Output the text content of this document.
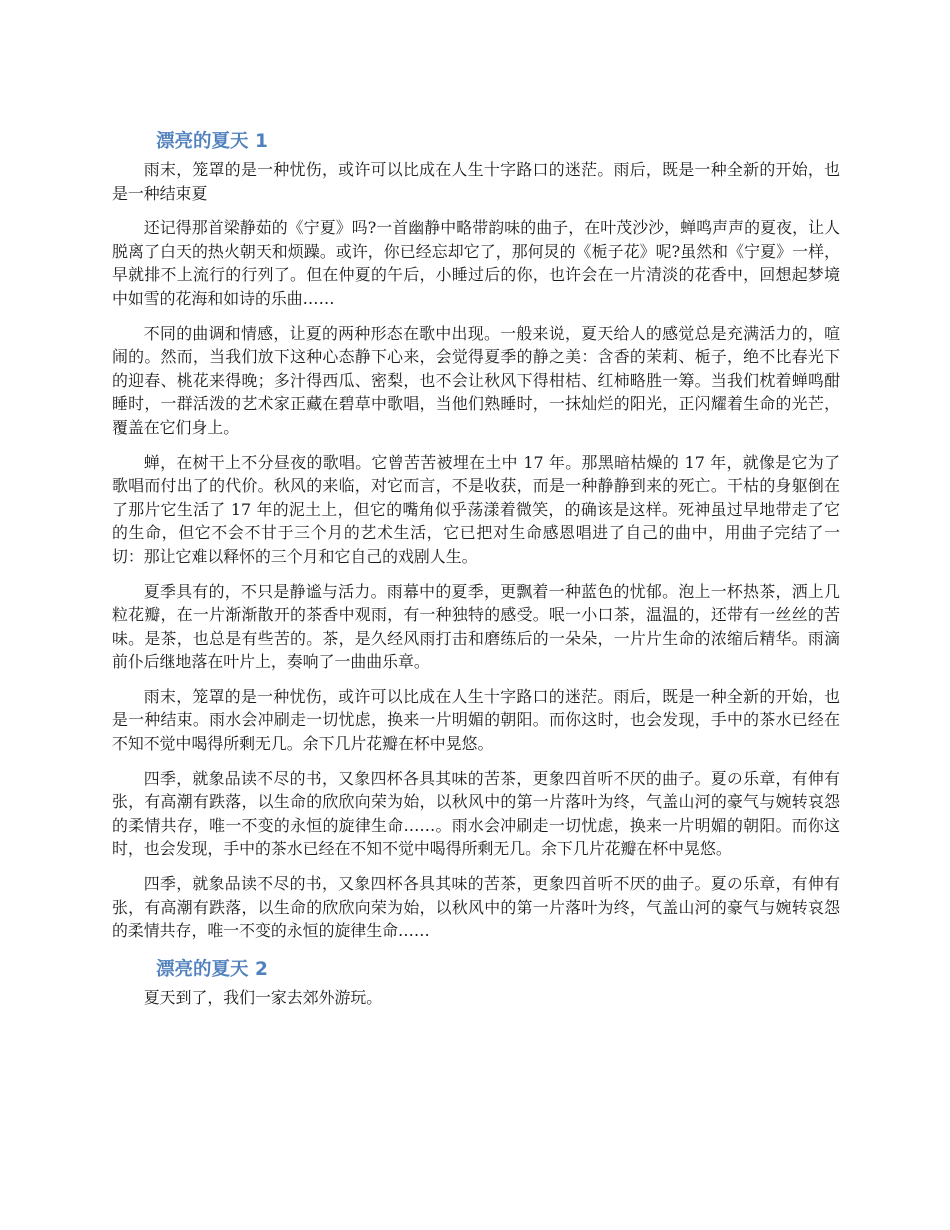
漂亮的夏天 1

雨末，笼罩的是一种忧伤，或许可以比成在人生十字路口的迷茫。雨后，既是一种全新的开始，也是一种结束夏

还记得那首梁静茹的《宁夏》吗?一首幽静中略带韵味的曲子，在叶茂沙沙，蝉鸣声声的夏夜，让人脱离了白天的热火朝天和烦躁。或许，你已经忘却它了，那何炅的《栀子花》呢?虽然和《宁夏》一样，早就排不上流行的行列了。但在仲夏的午后，小睡过后的你，也许会在一片清淡的花香中，回想起梦境中如雪的花海和如诗的乐曲……

不同的曲调和情感，让夏的两种形态在歌中出现。一般来说，夏天给人的感觉总是充满活力的，喧闹的。然而，当我们放下这种心态静下心来，会觉得夏季的静之美：含香的茉莉、栀子，绝不比春光下的迎春、桃花来得晚；多汁得西瓜、密梨，也不会让秋风下得柑桔、红柿略胜一筹。当我们枕着蝉鸣酣睡时，一群活泼的艺术家正藏在碧草中歌唱，当他们熟睡时，一抹灿烂的阳光，正闪耀着生命的光芒，覆盖在它们身上。

蝉，在树干上不分昼夜的歌唱。它曾苦苦被埋在土中 17 年。那黑暗枯燥的 17 年，就像是它为了歌唱而付出了的代价。秋风的来临，对它而言，不是收获，而是一种静静到来的死亡。干枯的身躯倒在了那片它生活了 17 年的泥土上，但它的嘴角似乎荡漾着微笑，的确该是这样。死神虽过早地带走了它的生命，但它不会不甘于三个月的艺术生活，它已把对生命感恩唱进了自己的曲中，用曲子完结了一切：那让它难以释怀的三个月和它自己的戏剧人生。

夏季具有的，不只是静谧与活力。雨幕中的夏季，更飘着一种蓝色的忧郁。泡上一杯热茶，洒上几粒花瓣，在一片渐渐散开的茶香中观雨，有一种独特的感受。呡一小口茶，温温的，还带有一丝丝的苦味。是茶，也总是有些苦的。茶，是久经风雨打击和磨练后的一朵朵，一片片生命的浓缩后精华。雨滴前仆后继地落在叶片上，奏响了一曲曲乐章。

雨末，笼罩的是一种忧伤，或许可以比成在人生十字路口的迷茫。雨后，既是一种全新的开始，也是一种结束。雨水会冲刷走一切忧虑，换来一片明媚的朝阳。而你这时，也会发现，手中的茶水已经在不知不觉中喝得所剩无几。余下几片花瓣在杯中晃悠。

四季，就象品读不尽的书，又象四杯各具其味的苦茶，更象四首听不厌的曲子。夏の乐章，有伸有张，有高潮有跌落，以生命的欣欣向荣为始，以秋风中的第一片落叶为终，气盖山河的豪气与婉转哀怨的柔情共存，唯一不变的永恒的旋律生命……。雨水会冲刷走一切忧虑，换来一片明媚的朝阳。而你这时，也会发现，手中的茶水已经在不知不觉中喝得所剩无几。余下几片花瓣在杯中晃悠。

四季，就象品读不尽的书，又象四杯各具其味的苦茶，更象四首听不厌的曲子。夏の乐章，有伸有张，有高潮有跌落，以生命的欣欣向荣为始，以秋风中的第一片落叶为终，气盖山河的豪气与婉转哀怨的柔情共存，唯一不变的永恒的旋律生命……

漂亮的夏天 2

夏天到了，我们一家去郊外游玩。
